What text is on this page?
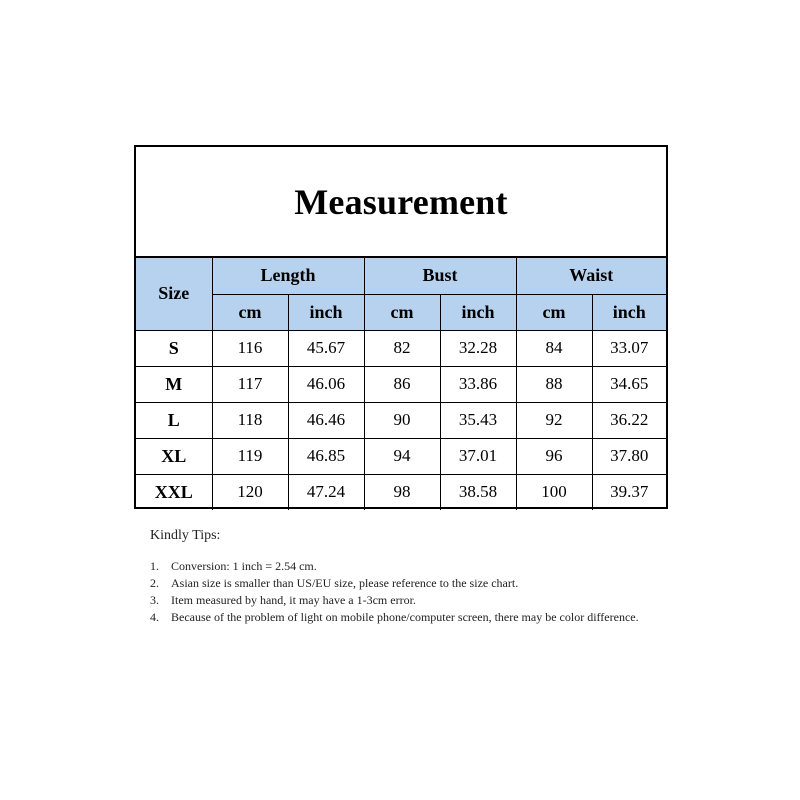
Measurement
Size	Length		Bust		Waist	
	cm	inch	cm	inch	cm	inch
S	116	45.67	82	32.28	84	33.07
M	117	46.06	86	33.86	88	34.65
L	118	46.46	90	35.43	92	36.22
XL	119	46.85	94	37.01	96	37.80
XXL	120	47.24	98	38.58	100	39.37
Kindly Tips:
1. Conversion: 1 inch = 2.54 cm.
2. Asian size is smaller than US/EU size, please reference to the size chart.
3. Item measured by hand, it may have a 1-3cm error.
4. Because of the problem of light on mobile phone/computer screen, there may be color difference.
